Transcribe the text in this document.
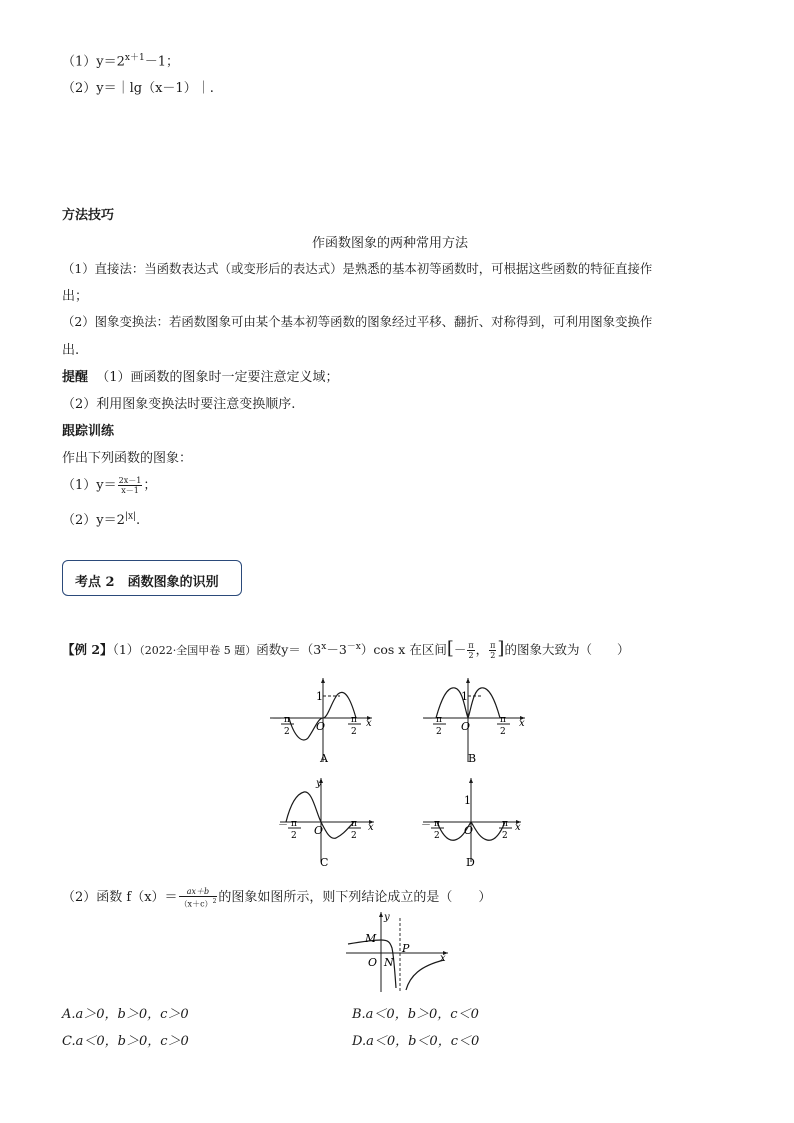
$(1)y=2^{x+1}-1$；
（2）y＝｜lg（x－1）｜.
方法技巧
作函数图象的两种常用方法
（1）直接法：当函数表达式（或变形后的表达式）是熟悉的基本初等函数时，可根据这些函数的特征直接作
出；
（2）图象变换法：若函数图象可由某个基本初等函数的图象经过平移、翻折、对称得到，可利用图象变换作
出.
提醒 （1）画函数的图象时一定要注意定义域；
（2）利用图象变换法时要注意变换顺序.
跟踪训练
作出下列函数的图象：
$(1)y= \frac{2x-1}{x-1}$ ；
$(2)y=2^{|x|}$.
考点 2　函数图象的识别
【例 2】（1）（2022·全国甲卷 5 题）函数$y=(3^x-3^{-x})\cos$ x 在区间[－ $\frac{\pi}{2}$ ， $\frac{\pi}{2}$ ]的图象大致为（　　）
1
O	x
－ π
2
π
2
A
1
O	x
－ π
2
π
2
B
y
O	x
－ π
2
π
2
C
1
O	x
－ π
2
π
2
D
（2）函数 $f(x)= \frac{ax+b}{(x+c)^2}$ 的图象如图所示，则下列结论成立的是（　　）
y
x
M
O N
P
A.a＞0，b＞0，c＞0	B.a＜0，b＞0，c＜0
C.a＜0，b＞0，c＞0	D.a＜0，b＜0，c＜0
